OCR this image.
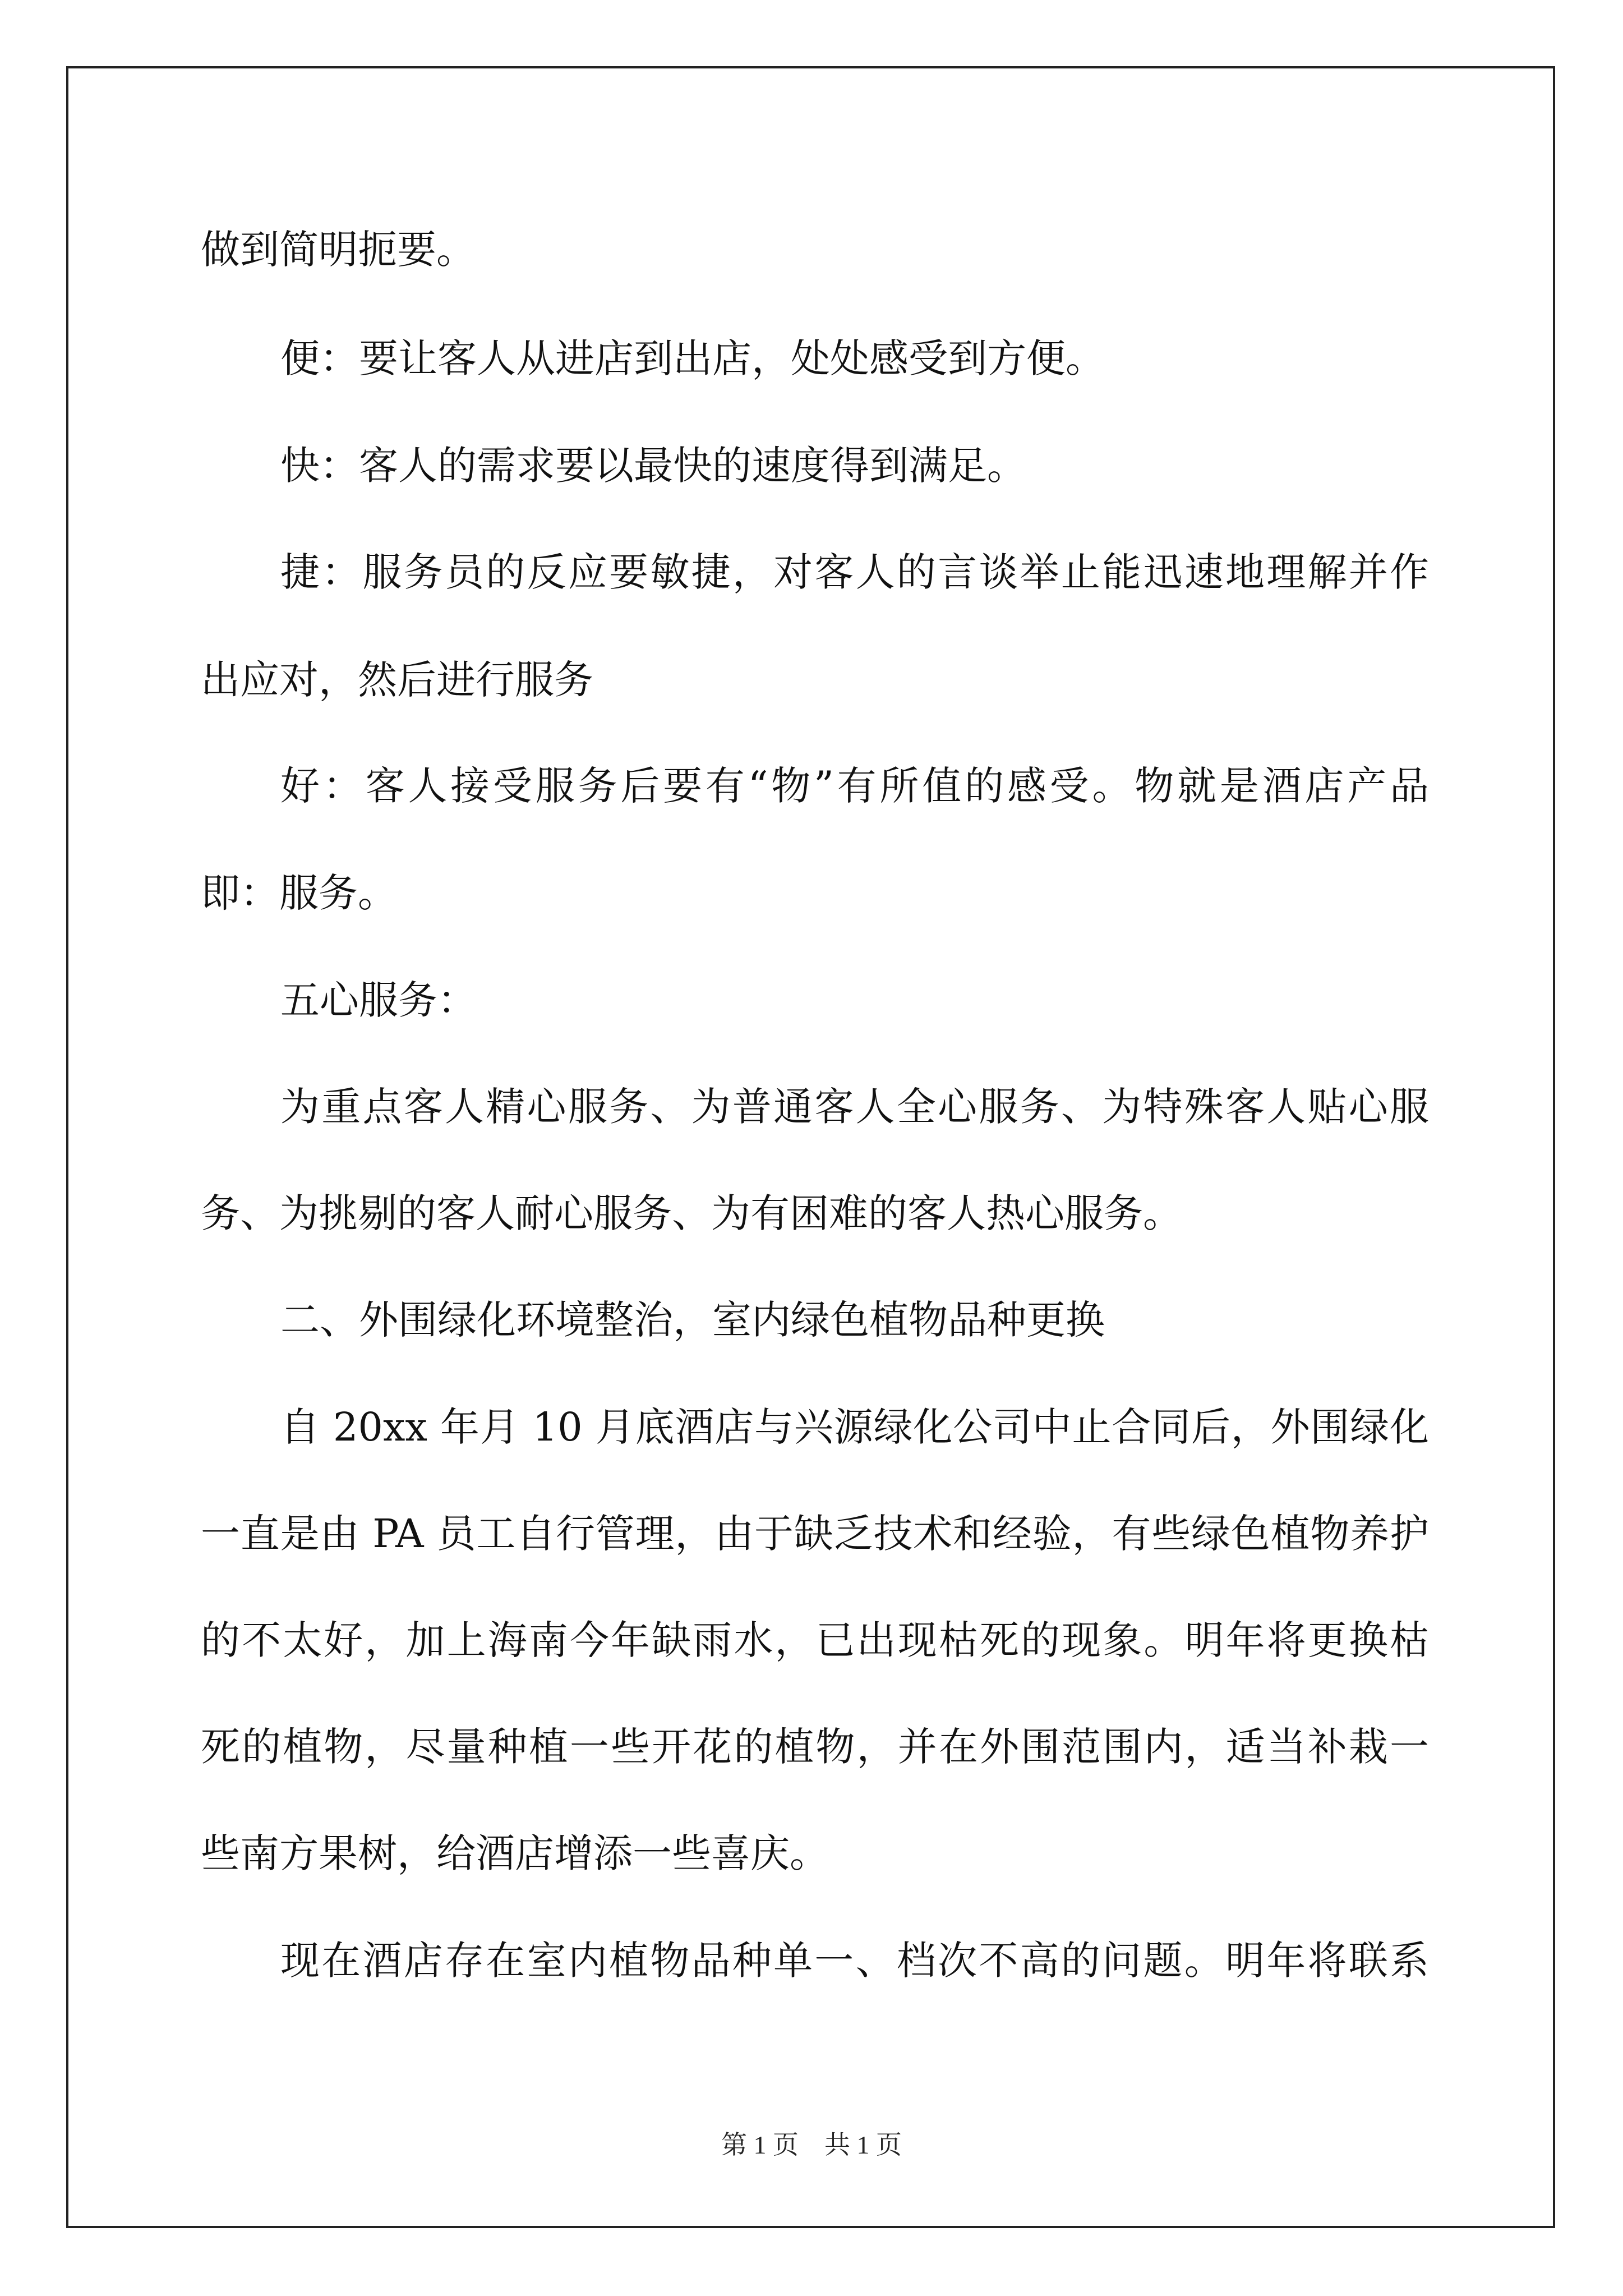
做到简明扼要。
便：要让客人从进店到出店，处处感受到方便。
快：客人的需求要以最快的速度得到满足。
捷：服务员的反应要敏捷，对客人的言谈举止能迅速地理解并作
出应对，然后进行服务
好：客人接受服务后要有“物”有所值的感受。物就是酒店产品
即：服务。
五心服务：
为重点客人精心服务、为普通客人全心服务、为特殊客人贴心服
务、为挑剔的客人耐心服务、为有困难的客人热心服务。
二、外围绿化环境整治，室内绿色植物品种更换
自 20xx 年月 10 月底酒店与兴源绿化公司中止合同后，外围绿化
一直是由 PA 员工自行管理，由于缺乏技术和经验，有些绿色植物养护
的不太好，加上海南今年缺雨水，已出现枯死的现象。明年将更换枯
死的植物，尽量种植一些开花的植物，并在外围范围内，适当补栽一
些南方果树，给酒店增添一些喜庆。
现在酒店存在室内植物品种单一、档次不高的问题。明年将联系
第 1 页　共 1 页
